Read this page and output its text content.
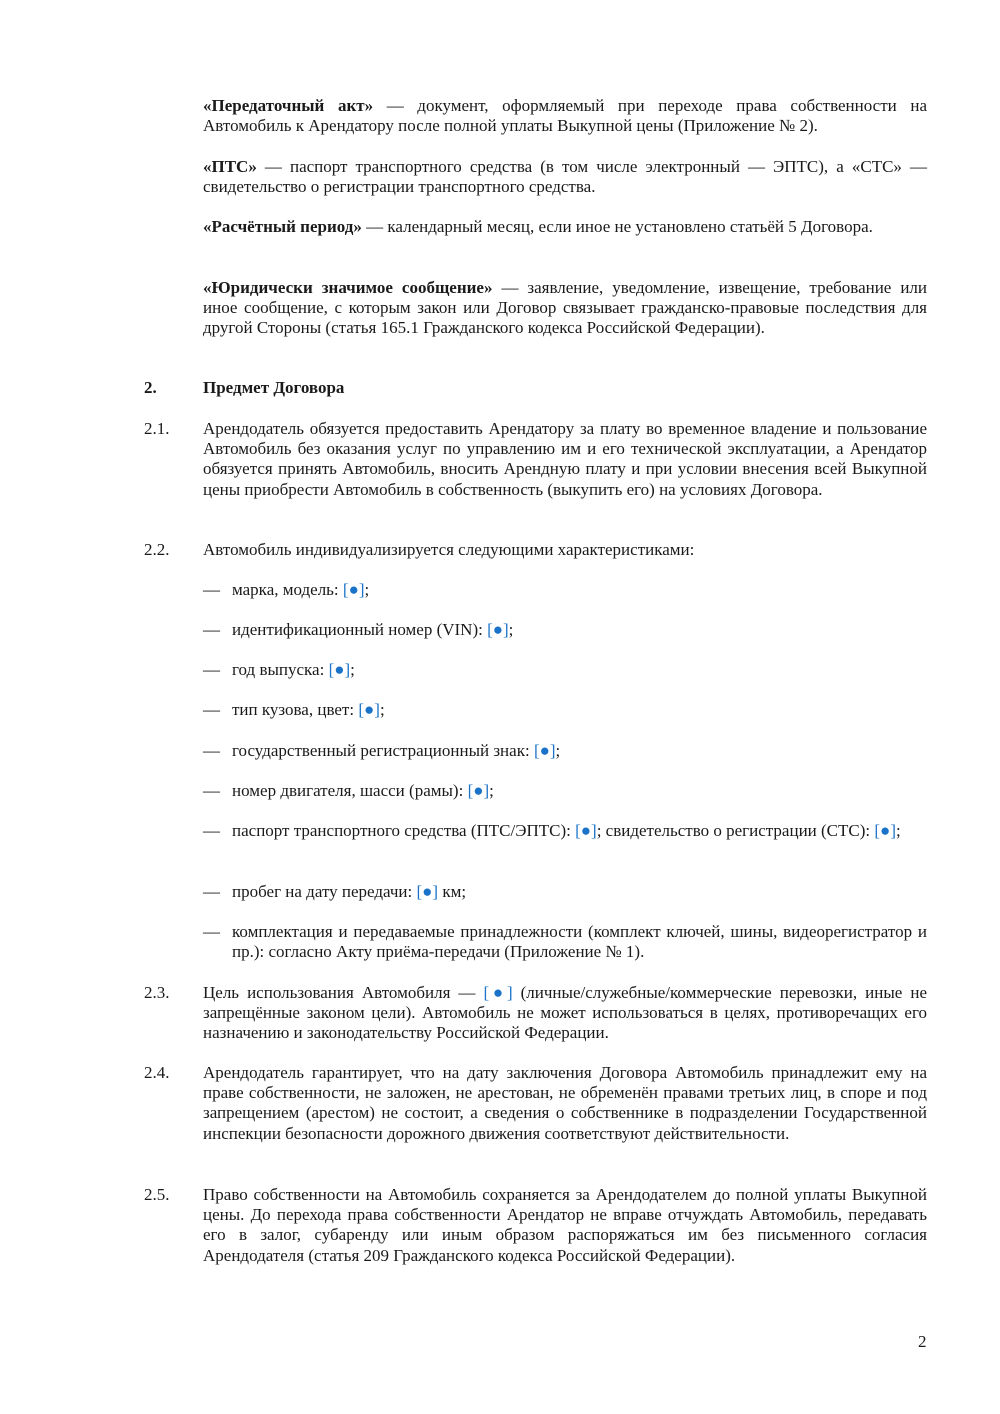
«Передаточный акт» — документ, оформляемый при переходе права собственности на Автомобиль к Арендатору после полной уплаты Выкупной цены (Приложение № 2).

«ПТС» — паспорт транспортного средства (в том числе электронный — ЭПТС), а «СТС» — свидетельство о регистрации транспортного средства.

«Расчётный период» — календарный месяц, если иное не установлено статьёй 5 Договора.

«Юридически значимое сообщение» — заявление, уведомление, извещение, требование или иное сообщение, с которым закон или Договор связывает гражданско-правовые последствия для другой Стороны (статья 165.1 Гражданского кодекса Российской Федерации).

2.	Предмет Договора

2.1. Арендодатель обязуется предоставить Арендатору за плату во временное владение и пользование Автомобиль без оказания услуг по управлению им и его технической эксплуатации, а Арендатор обязуется принять Автомобиль, вносить Арендную плату и при условии внесения всей Выкупной цены приобрести Автомобиль в собственность (выкупить его) на условиях Договора.

2.2. Автомобиль индивидуализируется следующими характеристиками:

— марка, модель: [●];

— идентификационный номер (VIN): [●];

— год выпуска: [●];

— тип кузова, цвет: [●];

— государственный регистрационный знак: [●];

— номер двигателя, шасси (рамы): [●];

— паспорт транспортного средства (ПТС/ЭПТС): [●]; свидетельство о регистрации (СТС): [●];

— пробег на дату передачи: [●] км;

— комплектация и передаваемые принадлежности (комплект ключей, шины, видеорегистратор и пр.): согласно Акту приёма-передачи (Приложение № 1).

2.3. Цель использования Автомобиля — [●] (личные/служебные/коммерческие перевозки, иные не запрещённые законом цели). Автомобиль не может использоваться в целях, противоречащих его назначению и законодательству Российской Федерации.

2.4. Арендодатель гарантирует, что на дату заключения Договора Автомобиль принадлежит ему на праве собственности, не заложен, не арестован, не обременён правами третьих лиц, в споре и под запрещением (арестом) не состоит, а сведения о собственнике в подразделении Государственной инспекции безопасности дорожного движения соответствуют действительности.

2.5. Право собственности на Автомобиль сохраняется за Арендодателем до полной уплаты Выкупной цены. До перехода права собственности Арендатор не вправе отчуждать Автомобиль, передавать его в залог, субаренду или иным образом распоряжаться им без письменного согласия Арендодателя (статья 209 Гражданского кодекса Российской Федерации).

2
